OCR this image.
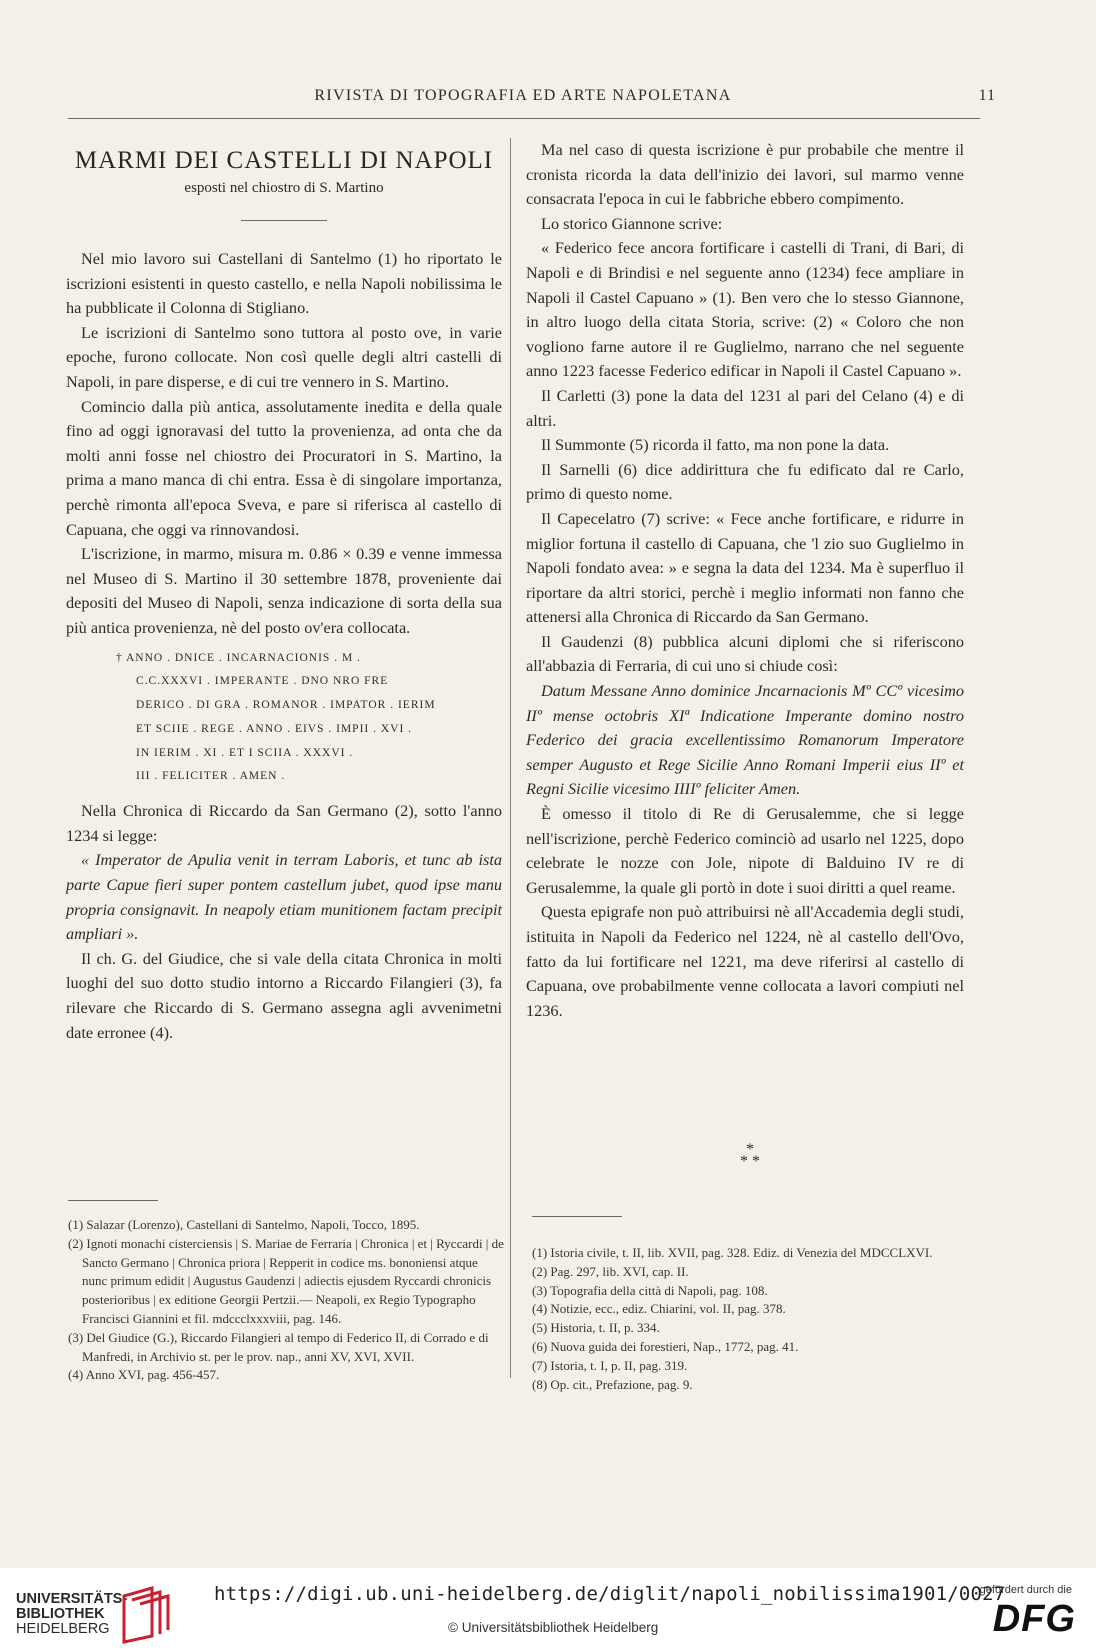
RIVISTA DI TOPOGRAFIA ED ARTE NAPOLETANA	11
MARMI DEI CASTELLI DI NAPOLI
esposti nel chiostro di S. Martino

Nel mio lavoro sui Castellani di Santelmo (1) ho riportato le iscrizioni esistenti in questo castello, e nella Napoli nobilissima le ha pubblicate il Colonna di Stigliano.

Le iscrizioni di Santelmo sono tuttora al posto ove, in varie epoche, furono collocate. Non così quelle degli altri castelli di Napoli, in pare disperse, e di cui tre vennero in S. Martino.

Comincio dalla più antica, assolutamente inedita e della quale fino ad oggi ignoravasi del tutto la provenienza, ad onta che da molti anni fosse nel chiostro dei Procuratori in S. Martino, la prima a mano manca di chi entra. Essa è di singolare importanza, perchè rimonta all'epoca Sveva, e pare si riferisca al castello di Capuana, che oggi va rinnovandosi.

L'iscrizione, in marmo, misura m. 0.86 × 0.39 e venne immessa nel Museo di S. Martino il 30 settembre 1878, proveniente dai depositi del Museo di Napoli, senza indicazione di sorta della sua più antica provenienza, nè del posto ov'era collocata.

† ANNO . DNICE . INCARNACIONIS . M .
C.C.XXXVI . IMPERANTE . DNO NRO FRE
DERICO . DI GRA . ROMANOR . IMPATOR . IERIM
ET SCIIE . REGE . ANNO . EIVS . IMPII . XVI .
IN IERIM . XI . ET I SCIIA . XXXVI .
III . FELICITER . AMEN .

Nella Chronica di Riccardo da San Germano (2), sotto l'anno 1234 si legge:

« Imperator de Apulia venit in terram Laboris, et tunc ab ista parte Capue fieri super pontem castellum jubet, quod ipse manu propria consignavit. In neapoly etiam munitionem factam precipit ampliari ».

Il ch. G. del Giudice, che si vale della citata Chronica in molti luoghi del suo dotto studio intorno a Riccardo Filangieri (3), fa rilevare che Riccardo di S. Germano assegna agli avvenimetni date erronee (4).

(1) Salazar (Lorenzo), Castellani di Santelmo, Napoli, Tocco, 1895.

(2) Ignoti monachi cisterciensis | S. Mariae de Ferraria | Chronica | et | Ryccardi | de Sancto Germano | Chronica priora | Repperit in codice ms. bononiensi atque nunc primum edidit | Augustus Gaudenzi | adiectis ejusdem Ryccardi chronicis posterioribus | ex editione Georgii Pertzii.— Neapoli, ex Regio Typographo Francisci Giannini et fil. mdccclxxxviii, pag. 146.

(3) Del Giudice (G.), Riccardo Filangieri al tempo di Federico II, di Corrado e di Manfredi, in Archivio st. per le prov. nap., anni XV, XVI, XVII.

(4) Anno XVI, pag. 456-457.

Ma nel caso di questa iscrizione è pur probabile che mentre il cronista ricorda la data dell'inizio dei lavori, sul marmo venne consacrata l'epoca in cui le fabbriche ebbero compimento.

Lo storico Giannone scrive:

« Federico fece ancora fortificare i castelli di Trani, di Bari, di Napoli e di Brindisi e nel seguente anno (1234) fece ampliare in Napoli il Castel Capuano » (1). Ben vero che lo stesso Giannone, in altro luogo della citata Storia, scrive: (2) « Coloro che non vogliono farne autore il re Guglielmo, narrano che nel seguente anno 1223 facesse Federico edificar in Napoli il Castel Capuano ».

Il Carletti (3) pone la data del 1231 al pari del Celano (4) e di altri.

Il Summonte (5) ricorda il fatto, ma non pone la data.

Il Sarnelli (6) dice addirittura che fu edificato dal re Carlo, primo di questo nome.

Il Capecelatro (7) scrive: « Fece anche fortificare, e ridurre in miglior fortuna il castello di Capuana, che 'l zio suo Guglielmo in Napoli fondato avea: » e segna la data del 1234. Ma è superfluo il riportare da altri storici, perchè i meglio informati non fanno che attenersi alla Chronica di Riccardo da San Germano.

Il Gaudenzi (8) pubblica alcuni diplomi che si riferiscono all'abbazia di Ferraria, di cui uno si chiude così:

Datum Messane Anno dominice Jncarnacionis Mº CCº vicesimo IIº mense octobris XIª Indicatione Imperante domino nostro Federico dei gracia excellentissimo Romanorum Imperatore semper Augusto et Rege Sicilie Anno Romani Imperii eius IIº et Regni Sicilie vicesimo IIIIº feliciter Amen.

È omesso il titolo di Re di Gerusalemme, che si legge nell'iscrizione, perchè Federico cominciò ad usarlo nel 1225, dopo celebrate le nozze con Jole, nipote di Balduino IV re di Gerusalemme, la quale gli portò in dote i suoi diritti a quel reame.

Questa epigrafe non può attribuirsi nè all'Accademia degli studi, istituita in Napoli da Federico nel 1224, nè al castello dell'Ovo, fatto da lui fortificare nel 1221, ma deve riferirsi al castello di Capuana, ove probabilmente venne collocata a lavori compiuti nel 1236.

*
* *

(1) Istoria civile, t. II, lib. XVII, pag. 328. Ediz. di Venezia del MDCCLXVI.

(2) Pag. 297, lib. XVI, cap. II.

(3) Topografia della città di Napoli, pag. 108.

(4) Notizie, ecc., ediz. Chiarini, vol. II, pag. 378.

(5) Historia, t. II, p. 334.

(6) Nuova guida dei forestieri, Nap., 1772, pag. 41.

(7) Istoria, t. I, p. II, pag. 319.

(8) Op. cit., Prefazione, pag. 9.

UNIVERSITÄTS-
BIBLIOTHEK
HEIDELBERG
https://digi.ub.uni-heidelberg.de/diglit/napoli_nobilissima1901/0027
© Universitätsbibliothek Heidelberg
gefördert durch die
DFG
